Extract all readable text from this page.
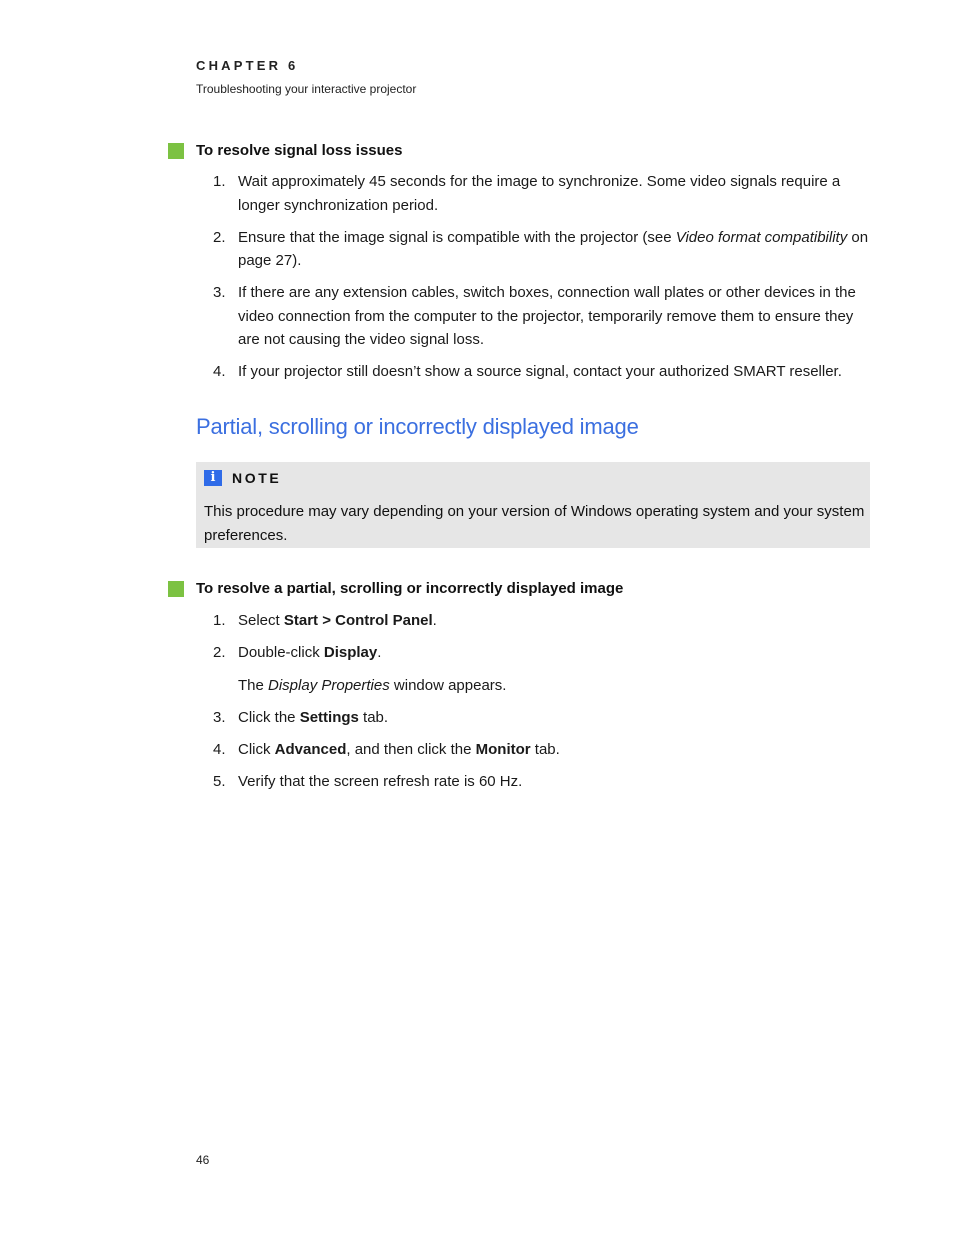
CHAPTER 6
Troubleshooting your interactive projector
To resolve signal loss issues
1. Wait approximately 45 seconds for the image to synchronize. Some video signals require a longer synchronization period.
2. Ensure that the image signal is compatible with the projector (see Video format compatibility on page 27).
3. If there are any extension cables, switch boxes, connection wall plates or other devices in the video connection from the computer to the projector, temporarily remove them to ensure they are not causing the video signal loss.
4. If your projector still doesn’t show a source signal, contact your authorized SMART reseller.
Partial, scrolling or incorrectly displayed image
i	NOTE
This procedure may vary depending on your version of Windows operating system and your system preferences.
To resolve a partial, scrolling or incorrectly displayed image
1. Select Start > Control Panel.
2. Double-click Display.
The Display Properties window appears.
3. Click the Settings tab.
4. Click Advanced, and then click the Monitor tab.
5. Verify that the screen refresh rate is 60 Hz.
46
